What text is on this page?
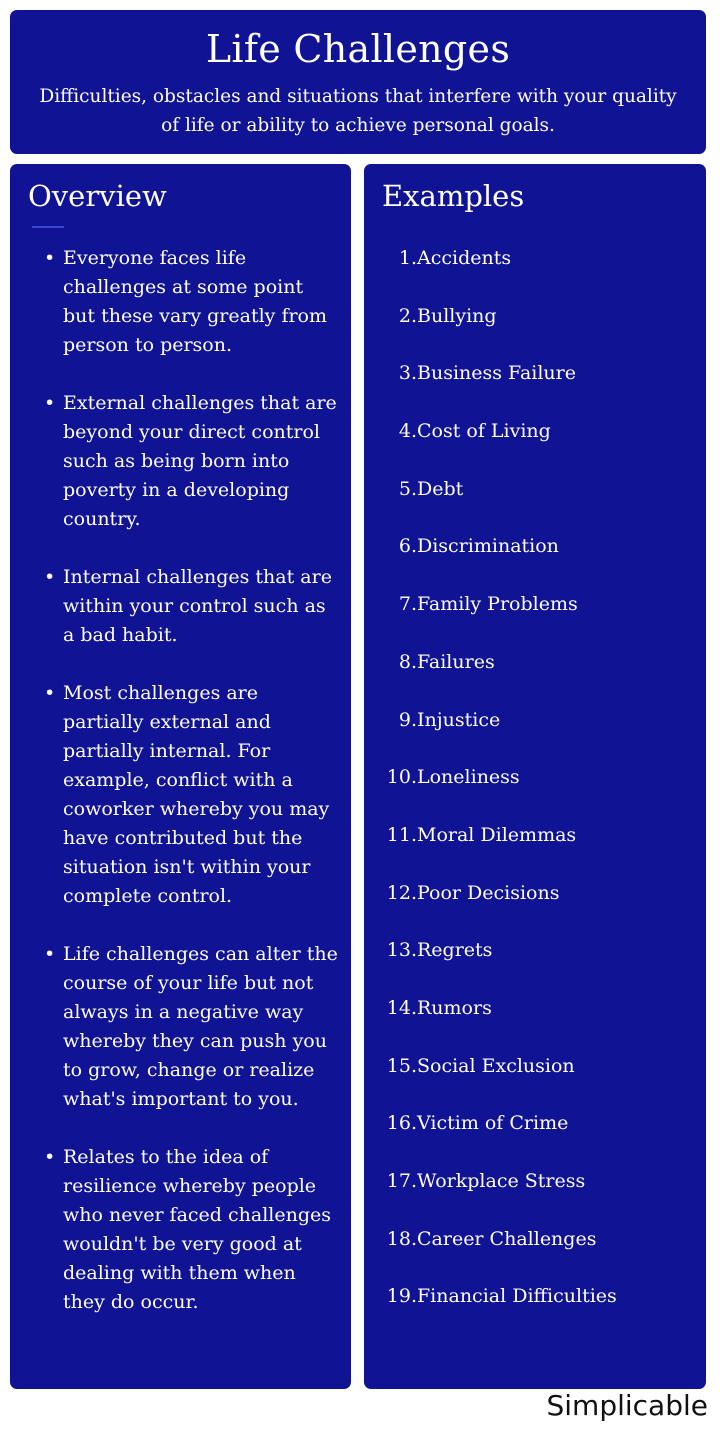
Life Challenges
Difficulties, obstacles and situations that interfere with your quality of life or ability to achieve personal goals.
Overview
• Everyone faces life challenges at some point but these vary greatly from person to person.
• External challenges that are beyond your direct control such as being born into poverty in a developing country.
• Internal challenges that are within your control such as a bad habit.
• Most challenges are partially external and partially internal. For example, conflict with a coworker whereby you may have contributed but the situation isn't within your complete control.
• Life challenges can alter the course of your life but not always in a negative way whereby they can push you to grow, change or realize what's important to you.
• Relates to the idea of resilience whereby people who never faced challenges wouldn't be very good at dealing with them when they do occur.
Examples
1. Accidents
2. Bullying
3. Business Failure
4. Cost of Living
5. Debt
6. Discrimination
7. Family Problems
8. Failures
9. Injustice
10. Loneliness
11. Moral Dilemmas
12. Poor Decisions
13. Regrets
14. Rumors
15. Social Exclusion
16. Victim of Crime
17. Workplace Stress
18. Career Challenges
19. Financial Difficulties
Simplicable
